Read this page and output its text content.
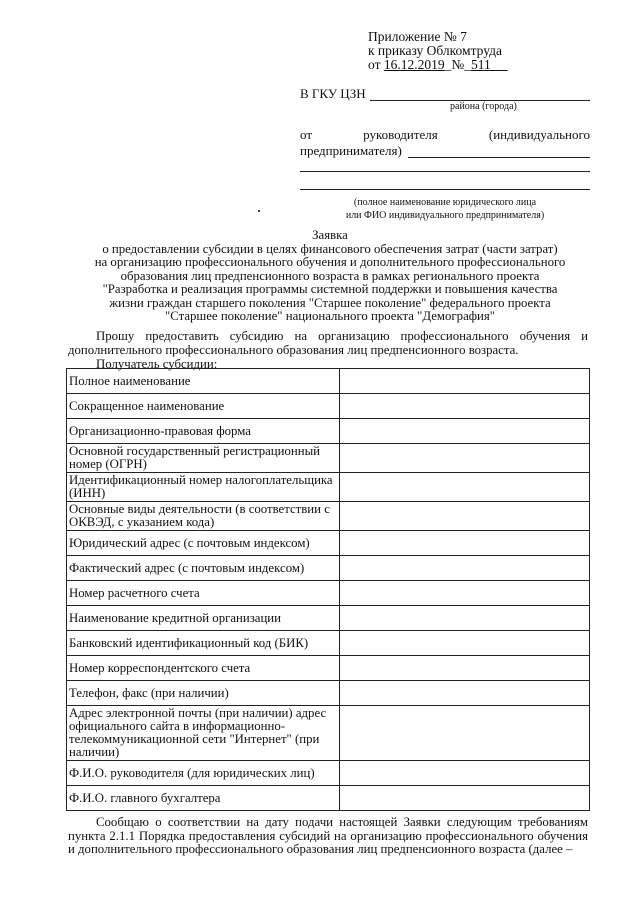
Приложение № 7
к приказу Облкомтруда
от 16.12.2019_№_511
В ГКУ ЦЗН
района (города)
от	руководителя	(индивидуального
предпринимателя)
(полное наименование юридического лица
или ФИО индивидуального предпринимателя)
Заявка
о предоставлении субсидии в целях финансового обеспечения затрат (части затрат)
на организацию профессионального обучения и дополнительного профессионального
образования лиц предпенсионного возраста в рамках регионального проекта
"Разработка и реализация программы системной поддержки и повышения качества
жизни граждан старшего поколения "Старшее поколение" федерального проекта
"Старшее поколение" национального проекта "Демография"
Прошу предоставить субсидию на организацию профессионального обучения и дополнительного профессионального образования лиц предпенсионного возраста.
Получатель субсидии:
Полное наименование	
Сокращенное наименование	
Организационно-правовая форма	
Основной государственный регистрационный номер (ОГРН)	
Идентификационный номер налогоплательщика (ИНН)	
Основные виды деятельности (в соответствии с ОКВЭД, с указанием кода)	
Юридический адрес (с почтовым индексом)	
Фактический адрес (с почтовым индексом)	
Номер расчетного счета	
Наименование кредитной организации	
Банковский идентификационный код (БИК)	
Номер корреспондентского счета	
Телефон, факс (при наличии)	
Адрес электронной почты (при наличии) адрес официального сайта в информационно-телекоммуникационной сети "Интернет" (при наличии)	
Ф.И.О. руководителя (для юридических лиц)	
Ф.И.О. главного бухгалтера	
Сообщаю о соответствии на дату подачи настоящей Заявки следующим требованиям пункта 2.1.1 Порядка предоставления субсидий на организацию профессионального обучения и дополнительного профессионального образования лиц предпенсионного возраста (далее –
